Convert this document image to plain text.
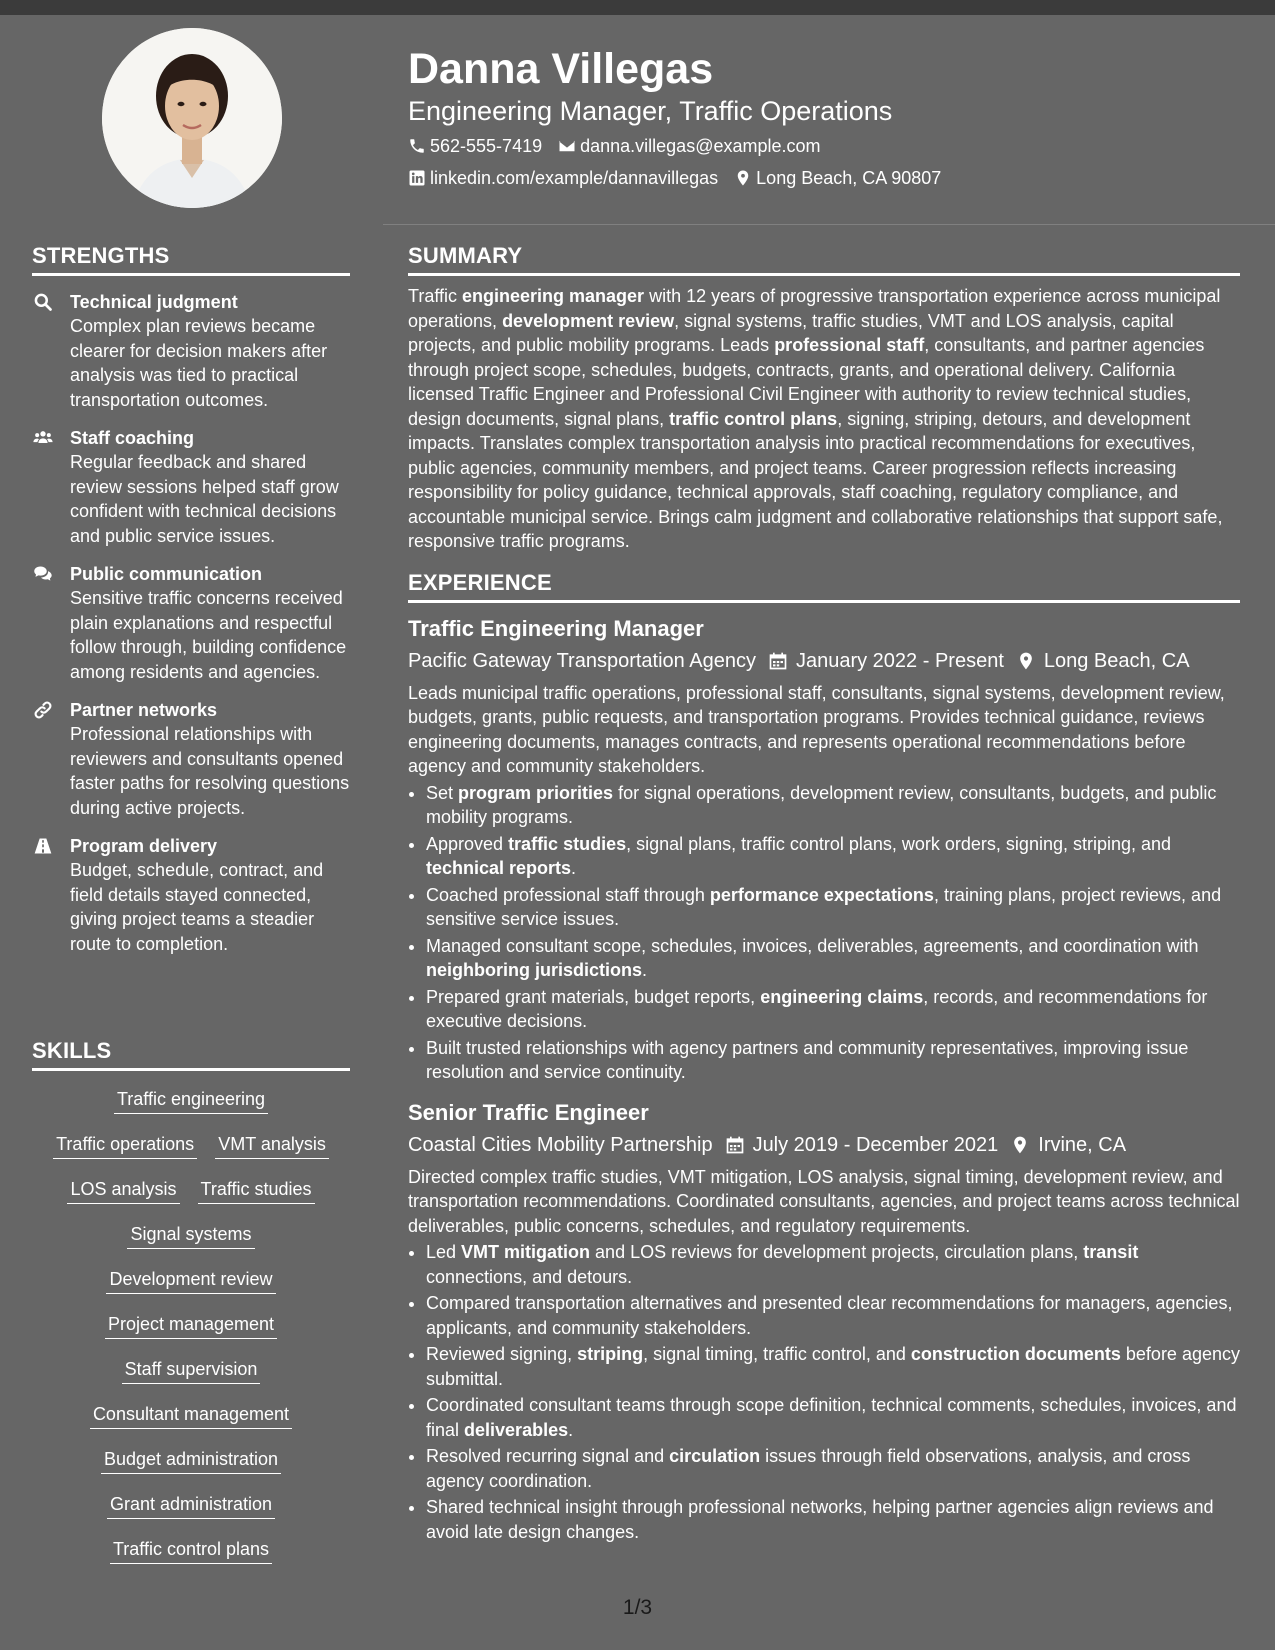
Danna Villegas
Engineering Manager, Traffic Operations
562-555-7419 danna.villegas@example.com
linkedin.com/example/dannavillegas Long Beach, CA 90807
STRENGTHS
Technical judgment
Complex plan reviews became clearer for decision makers after analysis was tied to practical transportation outcomes.
Staff coaching
Regular feedback and shared review sessions helped staff grow confident with technical decisions and public service issues.
Public communication
Sensitive traffic concerns received plain explanations and respectful follow through, building confidence among residents and agencies.
Partner networks
Professional relationships with reviewers and consultants opened faster paths for resolving questions during active projects.
Program delivery
Budget, schedule, contract, and field details stayed connected, giving project teams a steadier route to completion.
SKILLS
Traffic engineering
Traffic operations VMT analysis
LOS analysis Traffic studies
Signal systems
Development review
Project management
Staff supervision
Consultant management
Budget administration
Grant administration
Traffic control plans
SUMMARY
Traffic engineering manager with 12 years of progressive transportation experience across municipal operations, development review, signal systems, traffic studies, VMT and LOS analysis, capital projects, and public mobility programs. Leads professional staff, consultants, and partner agencies through project scope, schedules, budgets, contracts, grants, and operational delivery. California licensed Traffic Engineer and Professional Civil Engineer with authority to review technical studies, design documents, signal plans, traffic control plans, signing, striping, detours, and development impacts. Translates complex transportation analysis into practical recommendations for executives, public agencies, community members, and project teams. Career progression reflects increasing responsibility for policy guidance, technical approvals, staff coaching, regulatory compliance, and accountable municipal service. Brings calm judgment and collaborative relationships that support safe, responsive traffic programs.
EXPERIENCE
Traffic Engineering Manager
Pacific Gateway Transportation Agency January 2022 - Present Long Beach, CA
Leads municipal traffic operations, professional staff, consultants, signal systems, development review, budgets, grants, public requests, and transportation programs. Provides technical guidance, reviews engineering documents, manages contracts, and represents operational recommendations before agency and community stakeholders.
• Set program priorities for signal operations, development review, consultants, budgets, and public mobility programs.
• Approved traffic studies, signal plans, traffic control plans, work orders, signing, striping, and technical reports.
• Coached professional staff through performance expectations, training plans, project reviews, and sensitive service issues.
• Managed consultant scope, schedules, invoices, deliverables, agreements, and coordination with neighboring jurisdictions.
• Prepared grant materials, budget reports, engineering claims, records, and recommendations for executive decisions.
• Built trusted relationships with agency partners and community representatives, improving issue resolution and service continuity.
Senior Traffic Engineer
Coastal Cities Mobility Partnership July 2019 - December 2021 Irvine, CA
Directed complex traffic studies, VMT mitigation, LOS analysis, signal timing, development review, and transportation recommendations. Coordinated consultants, agencies, and project teams across technical deliverables, public concerns, schedules, and regulatory requirements.
• Led VMT mitigation and LOS reviews for development projects, circulation plans, transit connections, and detours.
• Compared transportation alternatives and presented clear recommendations for managers, agencies, applicants, and community stakeholders.
• Reviewed signing, striping, signal timing, traffic control, and construction documents before agency submittal.
• Coordinated consultant teams through scope definition, technical comments, schedules, invoices, and final deliverables.
• Resolved recurring signal and circulation issues through field observations, analysis, and cross agency coordination.
• Shared technical insight through professional networks, helping partner agencies align reviews and avoid late design changes.
1/3
